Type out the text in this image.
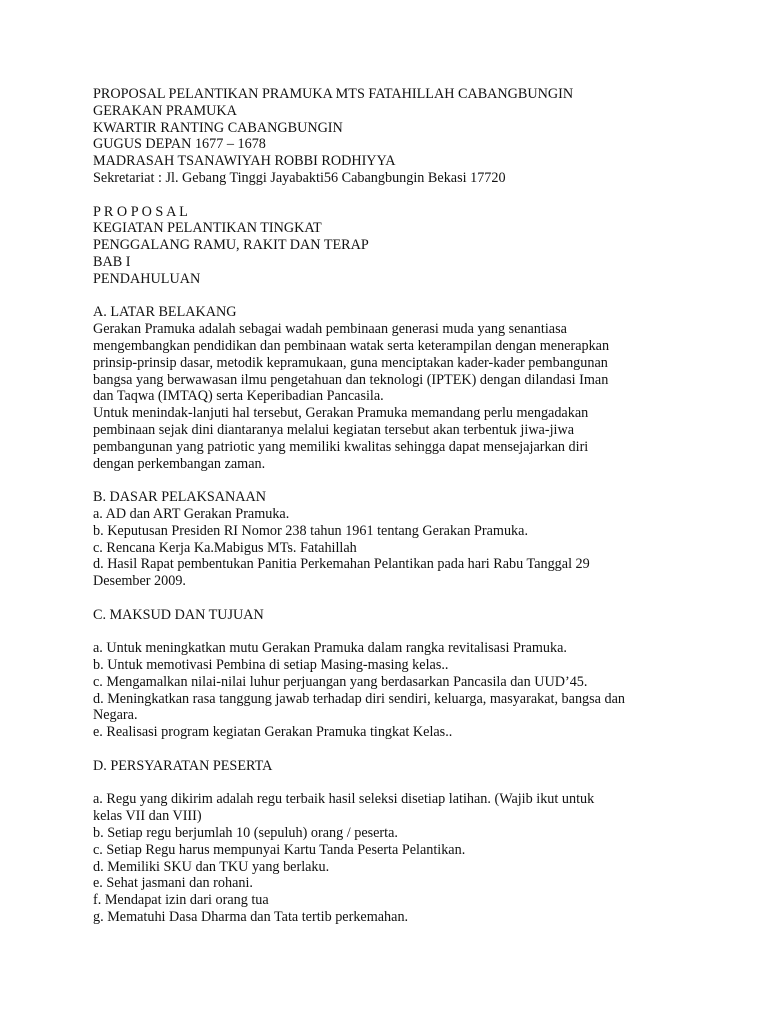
PROPOSAL PELANTIKAN PRAMUKA MTS FATAHILLAH CABANGBUNGIN
GERAKAN PRAMUKA
KWARTIR RANTING CABANGBUNGIN
GUGUS DEPAN 1677 – 1678
MADRASAH TSANAWIYAH ROBBI RODHIYYA
Sekretariat : Jl. Gebang Tinggi Jayabakti56 Cabangbungin Bekasi 17720
P R O P O S A L
KEGIATAN PELANTIKAN TINGKAT
PENGGALANG RAMU, RAKIT DAN TERAP
BAB I
PENDAHULUAN
A. LATAR BELAKANG
Gerakan Pramuka adalah sebagai wadah pembinaan generasi muda yang senantiasa
mengembangkan pendidikan dan pembinaan watak serta keterampilan dengan menerapkan
prinsip-prinsip dasar, metodik kepramukaan, guna menciptakan kader-kader pembangunan
bangsa yang berwawasan ilmu pengetahuan dan teknologi (IPTEK) dengan dilandasi Iman
dan Taqwa (IMTAQ) serta Keperibadian Pancasila.
Untuk menindak-lanjuti hal tersebut, Gerakan Pramuka memandang perlu mengadakan
pembinaan sejak dini diantaranya melalui kegiatan tersebut akan terbentuk jiwa-jiwa
pembangunan yang patriotic yang memiliki kwalitas sehingga dapat mensejajarkan diri
dengan perkembangan zaman.
B. DASAR PELAKSANAAN
a. AD dan ART Gerakan Pramuka.
b. Keputusan Presiden RI Nomor 238 tahun 1961 tentang Gerakan Pramuka.
c. Rencana Kerja Ka.Mabigus MTs. Fatahillah
d. Hasil Rapat pembentukan Panitia Perkemahan Pelantikan pada hari Rabu Tanggal 29
Desember 2009.
C. MAKSUD DAN TUJUAN
a. Untuk meningkatkan mutu Gerakan Pramuka dalam rangka revitalisasi Pramuka.
b. Untuk memotivasi Pembina di setiap Masing-masing kelas..
c. Mengamalkan nilai-nilai luhur perjuangan yang berdasarkan Pancasila dan UUD’45.
d. Meningkatkan rasa tanggung jawab terhadap diri sendiri, keluarga, masyarakat, bangsa dan
Negara.
e. Realisasi program kegiatan Gerakan Pramuka tingkat Kelas..
D. PERSYARATAN PESERTA
a. Regu yang dikirim adalah regu terbaik hasil seleksi disetiap latihan. (Wajib ikut untuk
kelas VII dan VIII)
b. Setiap regu berjumlah 10 (sepuluh) orang / peserta.
c. Setiap Regu harus mempunyai Kartu Tanda Peserta Pelantikan.
d. Memiliki SKU dan TKU yang berlaku.
e. Sehat jasmani dan rohani.
f. Mendapat izin dari orang tua
g. Mematuhi Dasa Dharma dan Tata tertib perkemahan.
